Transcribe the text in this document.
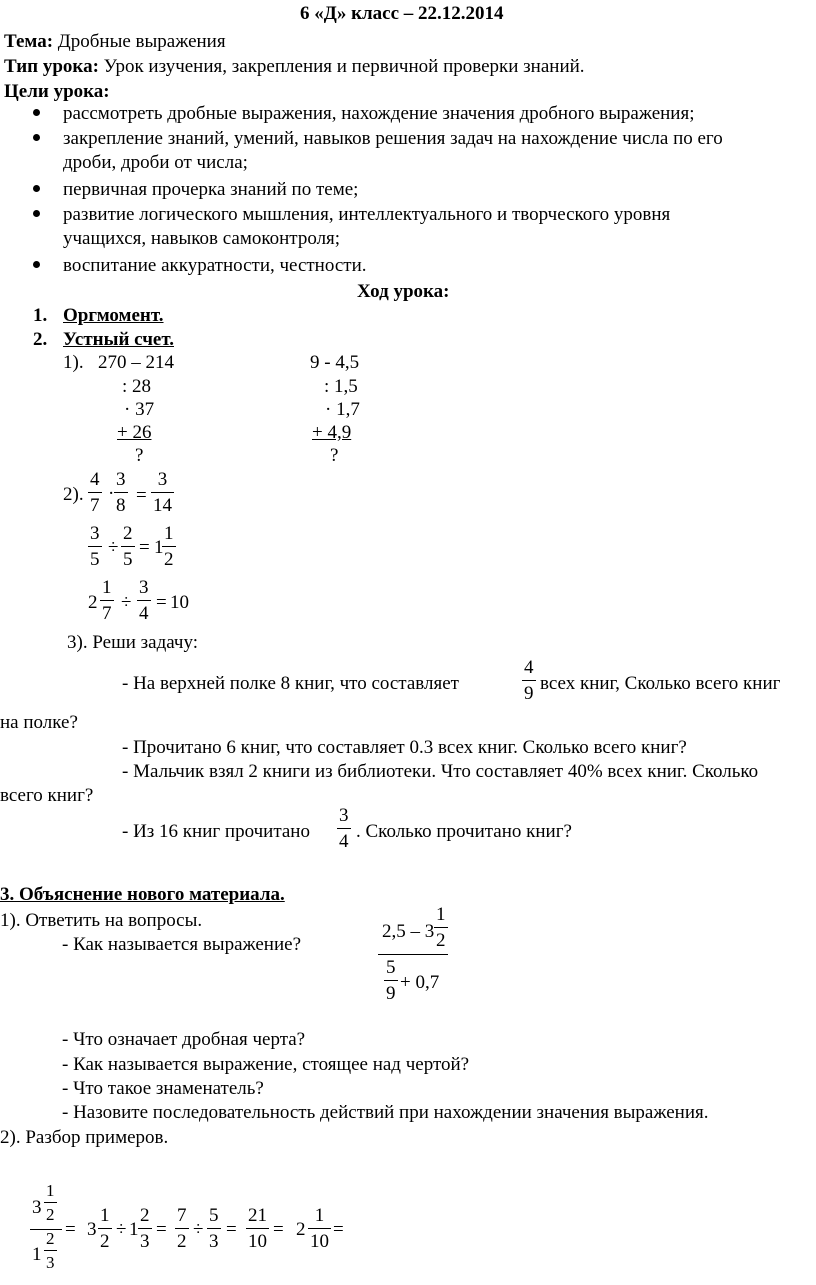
6 «Д» класс – 22.12.2014
Тема: Дробные выражения
Тип урока: Урок изучения, закрепления и первичной проверки знаний.
Цели урока:
рассмотреть дробные выражения, нахождение значения дробного выражения;
закрепление знаний, умений, навыков решения задач на нахождение числа по его
дроби, дроби от числа;
первичная прочерка знаний по теме;
развитие логического мышления, интеллектуального и творческого уровня
учащихся, навыков самоконтроля;
воспитание аккуратности, честности.
Ход урока:
1. Оргмомент.
2. Устный счет.
1). 270 – 214
: 28
· 37
+ 26
?
9 - 4,5
: 1,5
· 1,7
+ 4,9
?
2).
4
7
·
3
8 =
3
14
3
5
÷
2
5
= 1
1
2
2
1
7
÷
3
4
= 10
3). Реши задачу:
- На верхней полке 8 книг, что составляет
4
9 всех книг, Сколько всего книг
на полке?
- Прочитано 6 книг, что составляет 0.3 всех книг. Сколько всего книг?
- Мальчик взял 2 книги из библиотеки. Что составляет 40% всех книг. Сколько
всего книг?
- Из 16 книг прочитано
3
4 . Сколько прочитано книг?
3. Объяснение нового материала.
1). Ответить на вопросы.
- Как называется выражение?
2,5 – 3
1
2
5
9
+ 0,7
- Что означает дробная черта?
- Как называется выражение, стоящее над чертой?
- Что такое знаменатель?
- Назовите последовательность действий при нахождении значения выражения.
2). Разбор примеров.
3
1
2
1
2
3
= 3
1
2
÷ 1
2
3
=
7
2
÷
5
3
=
21
10
= 2
1
10
=
